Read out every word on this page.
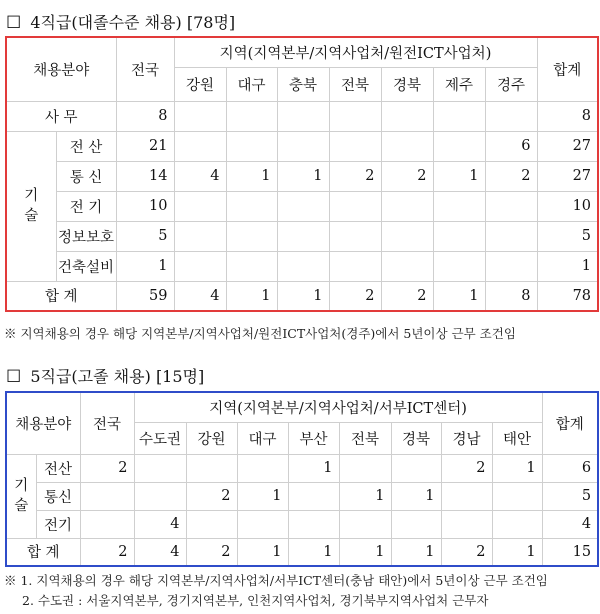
☐ 4직급(대졸수준 채용) [78명]
채용분야		전국	지역(지역본부/지역사업처/원전ICT사업처)							합계
			강원	대구	충북	전북	경북	제주	경주	
사 무		8								8
기술	전 산	21							6	27
	통 신	14	4	1	1	2	2	1	2	27
	전 기	10								10
	정보보호	5								5
	건축설비	1								1
합 계		59	4	1	1	2	2	1	8	78
※ 지역채용의 경우 해당 지역본부/지역사업처/원전ICT사업처(경주)에서 5년이상 근무 조건임
☐ 5직급(고졸 채용) [15명]
채용분야		전국	지역(지역본부/지역사업처/서부ICT센터)								합계
			수도권	강원	대구	부산	전북	경북	경남	태안	
기술	전산	2				1			2	1	6
	통신			2	1		1	1			5
	전기		4								4
합 계		2	4	2	1	1	1	1	2	1	15
※ 1. 지역채용의 경우 해당 지역본부/지역사업처/서부ICT센터(충남 태안)에서 5년이상 근무 조건임
2. 수도권 : 서울지역본부, 경기지역본부, 인천지역사업처, 경기북부지역사업처 근무자
